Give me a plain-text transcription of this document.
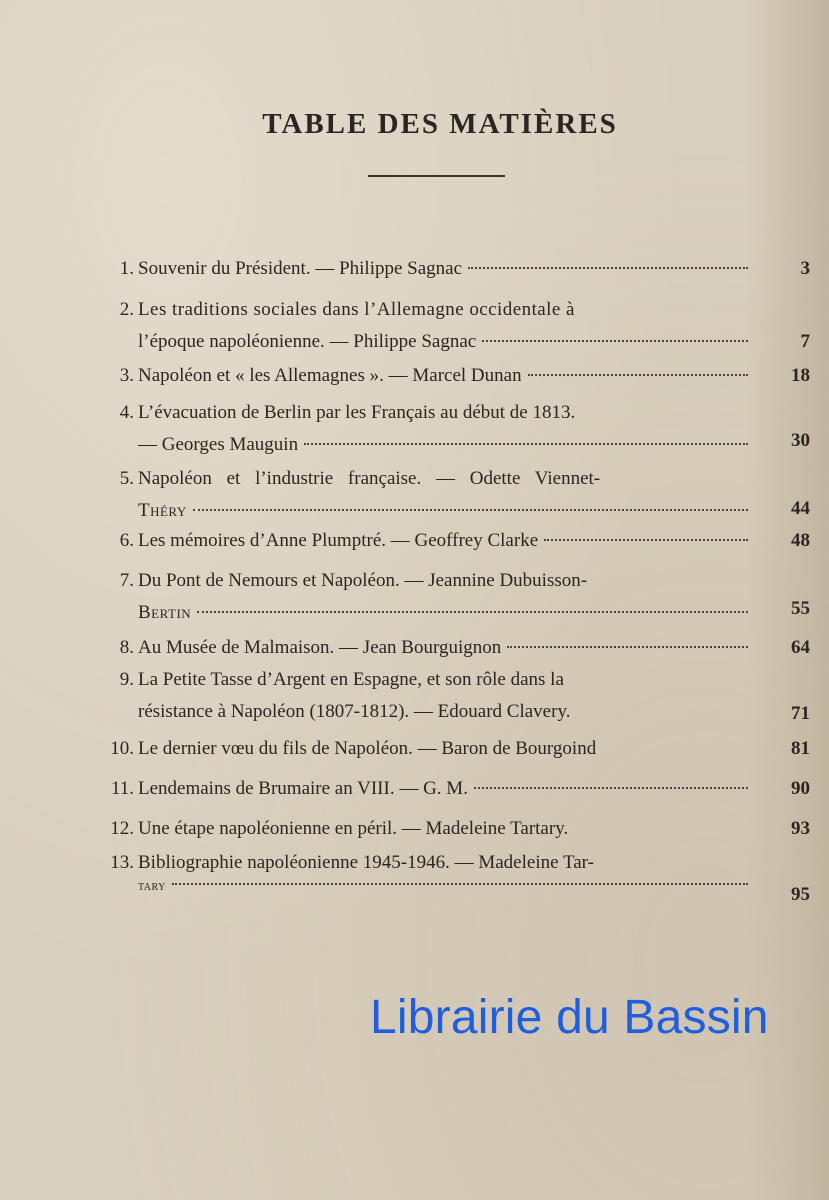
TABLE DES MATIÈRES
1. Souvenir du Président. — Philippe Sagnac	3
2. Les traditions sociales dans l’Allemagne occidentale à
l’époque napoléonienne. — Philippe Sagnac	7
3. Napoléon et « les Allemagnes ». — Marcel Dunan	18
4. L’évacuation de Berlin par les Français au début de 1813.
— Georges Mauguin	30
5. Napoléon et l’industrie française. — Odette Viennet-
Théry	44
6. Les mémoires d’Anne Plumptré. — Geoffrey Clarke	48
7. Du Pont de Nemours et Napoléon. — Jeannine Dubuisson-
Bertin	55
8. Au Musée de Malmaison. — Jean Bourguignon	64
9. La Petite Tasse d’Argent en Espagne, et son rôle dans la
résistance à Napoléon (1807-1812). — Edouard Clavery.	71
10. Le dernier vœu du fils de Napoléon. — Baron de Bourgoind	81
11. Lendemains de Brumaire an VIII. — G. M.	90
12. Une étape napoléonienne en péril. — Madeleine Tartary.	93
13. Bibliographie napoléonienne 1945-1946. — Madeleine Tar-
tary	95
Librairie du Bassin
